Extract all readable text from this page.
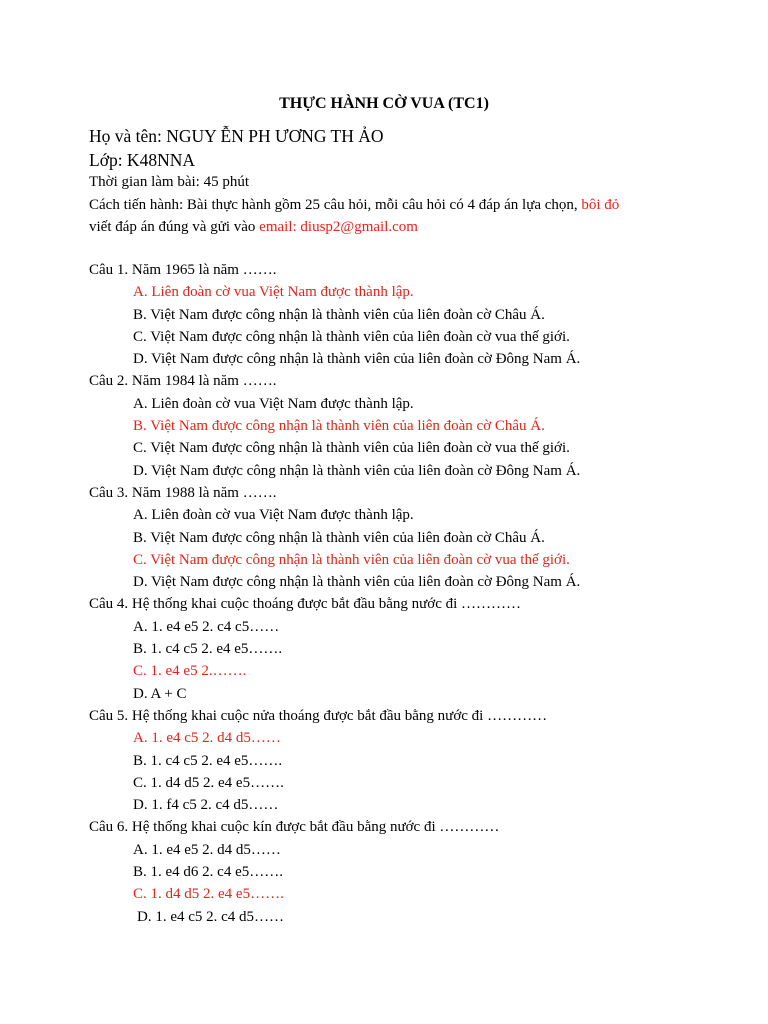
THỰC HÀNH CỜ VUA (TC1)
Họ và tên: NGUY ỄN PH ƯƠNG TH ẢO
Lớp: K48NNA
Thời gian làm bài: 45 phút
Cách tiến hành: Bài thực hành gồm 25 câu hỏi, mỗi câu hỏi có 4 đáp án lựa chọn, bôi đỏ
viết đáp án đúng và gửi vào email: diusp2@gmail.com
Câu 1. Năm 1965 là năm …….
A. Liên đoàn cờ vua Việt Nam được thành lập.
B. Việt Nam được công nhận là thành viên của liên đoàn cờ Châu Á.
C. Việt Nam được công nhận là thành viên của liên đoàn cờ vua thế giới.
D. Việt Nam được công nhận là thành viên của liên đoàn cờ Đông Nam Á.
Câu 2. Năm 1984 là năm …….
A. Liên đoàn cờ vua Việt Nam được thành lập.
B. Việt Nam được công nhận là thành viên của liên đoàn cờ Châu Á.
C. Việt Nam được công nhận là thành viên của liên đoàn cờ vua thế giới.
D. Việt Nam được công nhận là thành viên của liên đoàn cờ Đông Nam Á.
Câu 3. Năm 1988 là năm …….
A. Liên đoàn cờ vua Việt Nam được thành lập.
B. Việt Nam được công nhận là thành viên của liên đoàn cờ Châu Á.
C. Việt Nam được công nhận là thành viên của liên đoàn cờ vua thế giới.
D. Việt Nam được công nhận là thành viên của liên đoàn cờ Đông Nam Á.
Câu 4. Hệ thống khai cuộc thoáng được bắt đầu bằng nước đi …………
A. 1. e4 e5 2. c4 c5……
B. 1. c4 c5 2. e4 e5…….
C. 1. e4 e5 2.…….
D. A + C
Câu 5. Hệ thống khai cuộc nửa thoáng được bắt đầu bằng nước đi …………
A. 1. e4 c5 2. d4 d5……
B. 1. c4 c5 2. e4 e5…….
C. 1. d4 d5 2. e4 e5…….
D. 1. f4 c5 2. c4 d5……
Câu 6. Hệ thống khai cuộc kín được bắt đầu bằng nước đi …………
A. 1. e4 e5 2. d4 d5……
B. 1. e4 d6 2. c4 e5…….
C. 1. d4 d5 2. e4 e5…….
D. 1. e4 c5 2. c4 d5……
